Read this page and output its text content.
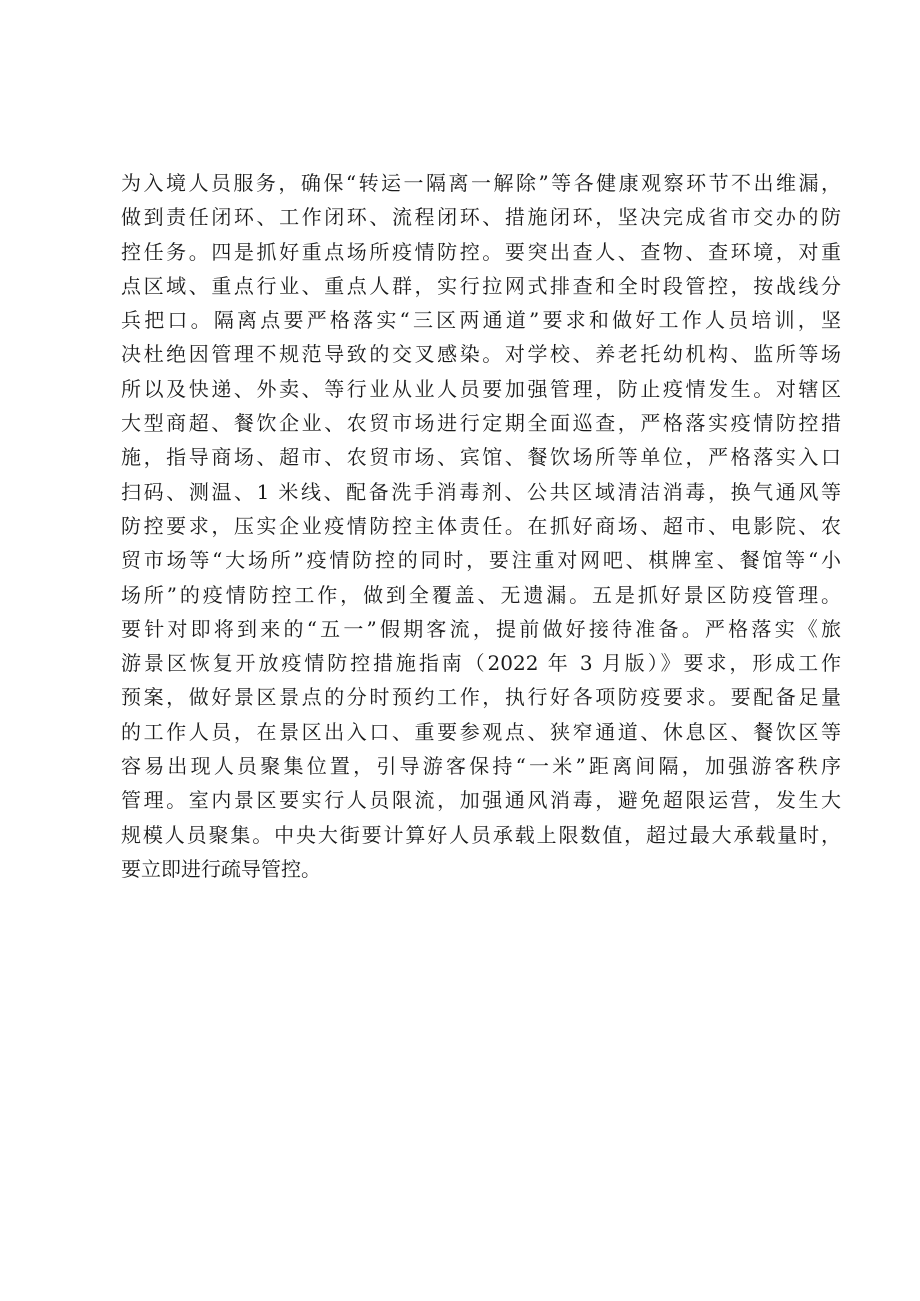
为入境人员服务，确保“转运一隔离一解除”等各健康观察环节不出维漏，
做到责任闭环、工作闭环、流程闭环、措施闭环，坚决完成省市交办的防
控任务。四是抓好重点场所疫情防控。要突出查人、查物、查环境，对重
点区域、重点行业、重点人群，实行拉网式排查和全时段管控，按战线分
兵把口。隔离点要严格落实“三区两通道”要求和做好工作人员培训，坚
决杜绝因管理不规范导致的交叉感染。对学校、养老托幼机构、监所等场
所以及快递、外卖、等行业从业人员要加强管理，防止疫情发生。对辖区
大型商超、餐饮企业、农贸市场进行定期全面巡查，严格落实疫情防控措
施，指导商场、超市、农贸市场、宾馆、餐饮场所等单位，严格落实入口
扫码、测温、1 米线、配备洗手消毒剂、公共区域清洁消毒，换气通风等
防控要求，压实企业疫情防控主体责任。在抓好商场、超市、电影院、农
贸市场等“大场所”疫情防控的同时，要注重对网吧、棋牌室、餐馆等“小
场所”的疫情防控工作，做到全覆盖、无遗漏。五是抓好景区防疫管理。
要针对即将到来的“五一”假期客流，提前做好接待准备。严格落实《旅
游景区恢复开放疫情防控措施指南（2022 年 3 月版）》要求，形成工作
预案，做好景区景点的分时预约工作，执行好各项防疫要求。要配备足量
的工作人员，在景区出入口、重要参观点、狭窄通道、休息区、餐饮区等
容易出现人员聚集位置，引导游客保持“一米”距离间隔，加强游客秩序
管理。室内景区要实行人员限流，加强通风消毒，避免超限运营，发生大
规模人员聚集。中央大街要计算好人员承载上限数值，超过最大承载量时，
要立即进行疏导管控。
